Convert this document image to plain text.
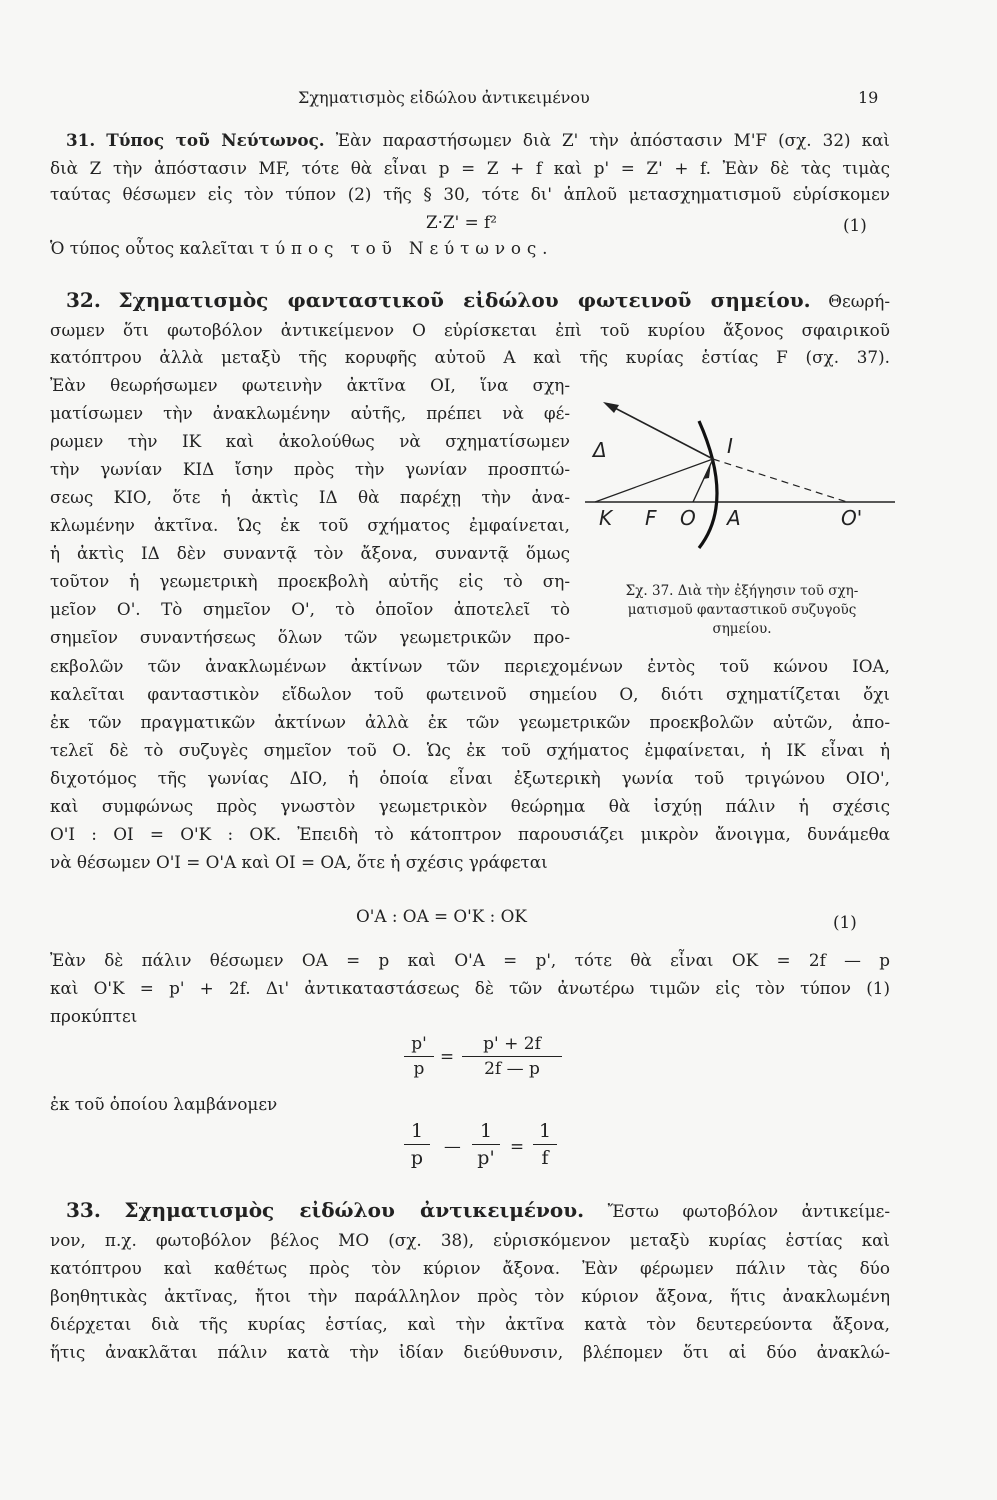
Σχηματισμὸς εἰδώλου ἀντικειμένου	19
31. Τύπος τοῦ Νεύτωνος. Ἐὰν παραστήσωμεν διὰ Ζ' τὴν ἀπόστασιν Μ'F (σχ. 32) καὶ
διὰ Ζ τὴν ἀπόστασιν MF, τότε θὰ εἶναι p = Ζ + f καὶ p' = Ζ' + f. Ἐὰν δὲ τὰς τιμὰς
ταύτας θέσωμεν εἰς τὸν τύπον (2) τῆς § 30, τότε δι' ἁπλοῦ μετασχηματισμοῦ εὑρίσκομεν
Z·Z' = f²	(1)
Ὁ τύπος οὗτος καλεῖται τύπος τοῦ Νεύτωνος.
32. Σχηματισμὸς φανταστικοῦ εἰδώλου φωτεινοῦ σημείου. Θεωρή-
σωμεν ὅτι φωτοβόλον ἀντικείμενον Ο εὑρίσκεται ἐπὶ τοῦ κυρίου ἄξονος σφαιρικοῦ
κατόπτρου ἀλλὰ μεταξὺ τῆς κορυφῆς αὐτοῦ Α καὶ τῆς κυρίας ἑστίας F (σχ. 37).
Ἐὰν θεωρήσωμεν φωτεινὴν ἀκτῖνα ΟΙ, ἵνα σχη-
ματίσωμεν τὴν ἀνακλωμένην αὐτῆς, πρέπει νὰ φέ-
ρωμεν τὴν ΙΚ καὶ ἀκολούθως νὰ σχηματίσωμεν
τὴν γωνίαν ΚΙΔ ἴσην πρὸς τὴν γωνίαν προσπτώ-
σεως ΚΙΟ, ὅτε ἡ ἀκτὶς ΙΔ θὰ παρέχῃ τὴν ἀνα-
κλωμένην ἀκτῖνα. Ὡς ἐκ τοῦ σχήματος ἐμφαίνεται,
ἡ ἀκτὶς ΙΔ δὲν συναντᾷ τὸν ἄξονα, συναντᾷ ὅμως
τοῦτον ἡ γεωμετρικὴ προεκβολὴ αὐτῆς εἰς τὸ ση-
μεῖον Ο'. Τὸ σημεῖον Ο', τὸ ὁποῖον ἀποτελεῖ τὸ
σημεῖον συναντήσεως ὅλων τῶν γεωμετρικῶν προ-
Δ	I
K F O A	O'
Σχ. 37. Διὰ τὴν ἐξήγησιν τοῦ σχη-
ματισμοῦ φανταστικοῦ συζυγοῦς
σημείου.
εκβολῶν τῶν ἀνακλωμένων ἀκτίνων τῶν περιεχομένων ἐντὸς τοῦ κώνου ΙΟΑ,
καλεῖται φανταστικὸν εἴδωλον τοῦ φωτεινοῦ σημείου Ο, διότι σχηματίζεται ὄχι
ἐκ τῶν πραγματικῶν ἀκτίνων ἀλλὰ ἐκ τῶν γεωμετρικῶν προεκβολῶν αὐτῶν, ἀπο-
τελεῖ δὲ τὸ συζυγὲς σημεῖον τοῦ Ο. Ὡς ἐκ τοῦ σχήματος ἐμφαίνεται, ἡ ΙΚ εἶναι ἡ
διχοτόμος τῆς γωνίας ΔΙΟ, ἡ ὁποία εἶναι ἐξωτερικὴ γωνία τοῦ τριγώνου ΟΙΟ',
καὶ συμφώνως πρὸς γνωστὸν γεωμετρικὸν θεώρημα θὰ ἰσχύῃ πάλιν ἡ σχέσις
Ο'Ι : ΟΙ = Ο'Κ : ΟΚ. Ἐπειδὴ τὸ κάτοπτρον παρουσιάζει μικρὸν ἄνοιγμα, δυνάμεθα
νὰ θέσωμεν Ο'Ι = Ο'Α καὶ ΟΙ = ΟΑ, ὅτε ἡ σχέσις γράφεται
Ο'Α : ΟΑ = Ο'Κ : ΟΚ	(1)
Ἐὰν δὲ πάλιν θέσωμεν ΟΑ = p καὶ Ο'Α = p', τότε θὰ εἶναι ΟΚ = 2f — p
καὶ Ο'Κ = p' + 2f. Δι' ἀντικαταστάσεως δὲ τῶν ἀνωτέρω τιμῶν εἰς τὸν τύπον (1)
προκύπτει
p'
p
=
p' + 2f
2f — p
ἐκ τοῦ ὁποίου λαμβάνομεν
1
p
—
1
p'
=
1
f
33. Σχηματισμὸς εἰδώλου ἀντικειμένου. Ἔστω φωτοβόλον ἀντικείμε-
νον, π.χ. φωτοβόλον βέλος ΜΟ (σχ. 38), εὑρισκόμενον μεταξὺ κυρίας ἑστίας καὶ
κατόπτρου καὶ καθέτως πρὸς τὸν κύριον ἄξονα. Ἐὰν φέρωμεν πάλιν τὰς δύο
βοηθητικὰς ἀκτῖνας, ἤτοι τὴν παράλληλον πρὸς τὸν κύριον ἄξονα, ἥτις ἀνακλωμένη
διέρχεται διὰ τῆς κυρίας ἑστίας, καὶ τὴν ἀκτῖνα κατὰ τὸν δευτερεύοντα ἄξονα,
ἥτις ἀνακλᾶται πάλιν κατὰ τὴν ἰδίαν διεύθυνσιν, βλέπομεν ὅτι αἱ δύο ἀνακλώ-
